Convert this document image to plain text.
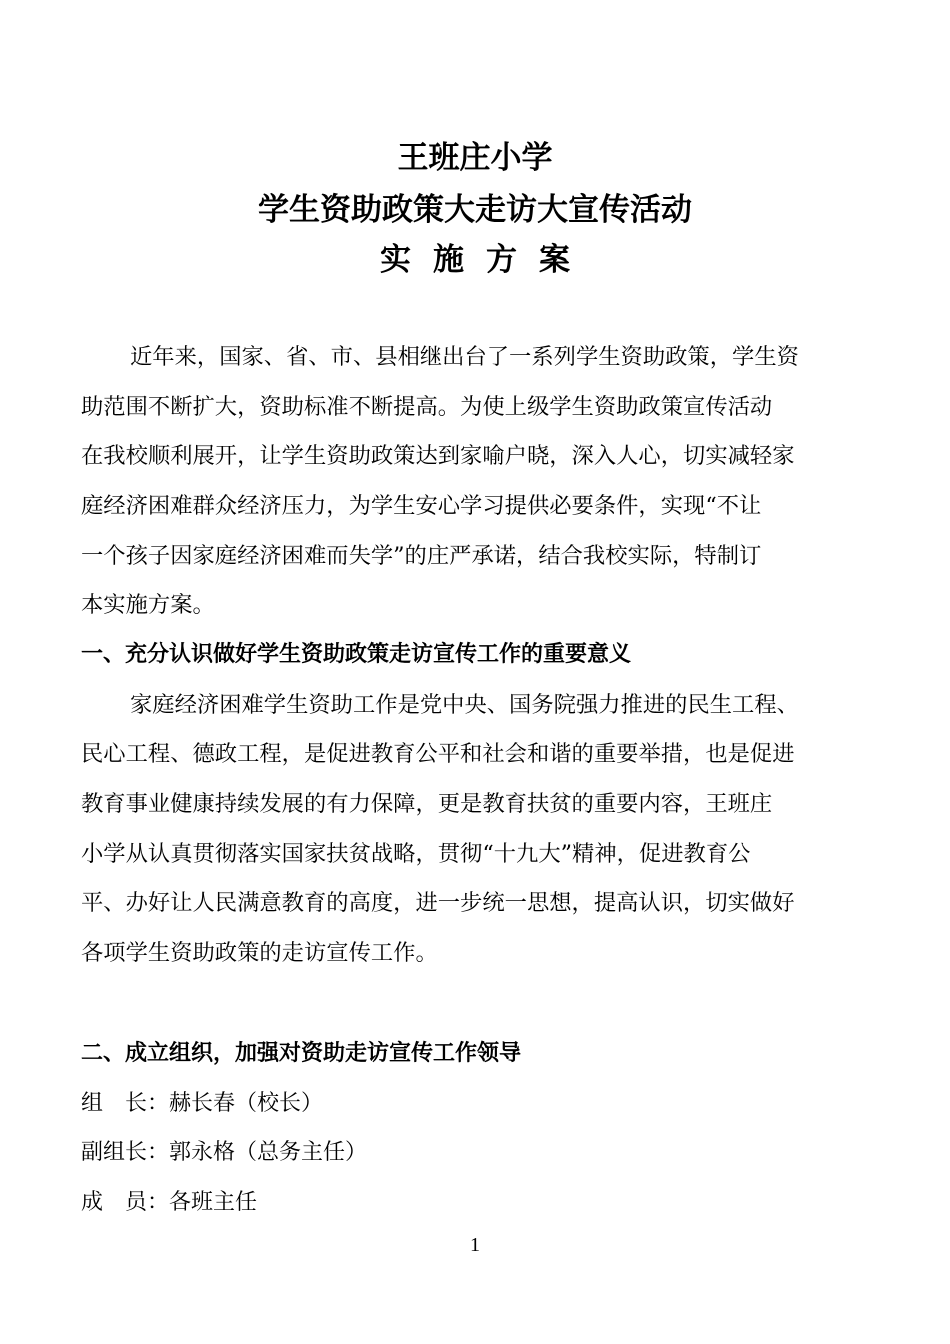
王班庄小学
学生资助政策大走访大宣传活动
实施方案
近年来，国家、省、市、县相继出台了一系列学生资助政策，学生资
助范围不断扩大，资助标准不断提高。为使上级学生资助政策宣传活动
在我校顺利展开，让学生资助政策达到家喻户晓，深入人心，切实减轻家
庭经济困难群众经济压力，为学生安心学习提供必要条件，实现“不让
一个孩子因家庭经济困难而失学”的庄严承诺，结合我校实际，特制订
本实施方案。
一、充分认识做好学生资助政策走访宣传工作的重要意义
家庭经济困难学生资助工作是党中央、国务院强力推进的民生工程、
民心工程、德政工程，是促进教育公平和社会和谐的重要举措，也是促进
教育事业健康持续发展的有力保障，更是教育扶贫的重要内容，王班庄
小学从认真贯彻落实国家扶贫战略，贯彻“十九大”精神，促进教育公
平、办好让人民满意教育的高度，进一步统一思想，提高认识，切实做好
各项学生资助政策的走访宣传工作。
二、成立组织，加强对资助走访宣传工作领导
组　长：赫长春（校长）
副组长：郭永格（总务主任）
成　员：各班主任
1
